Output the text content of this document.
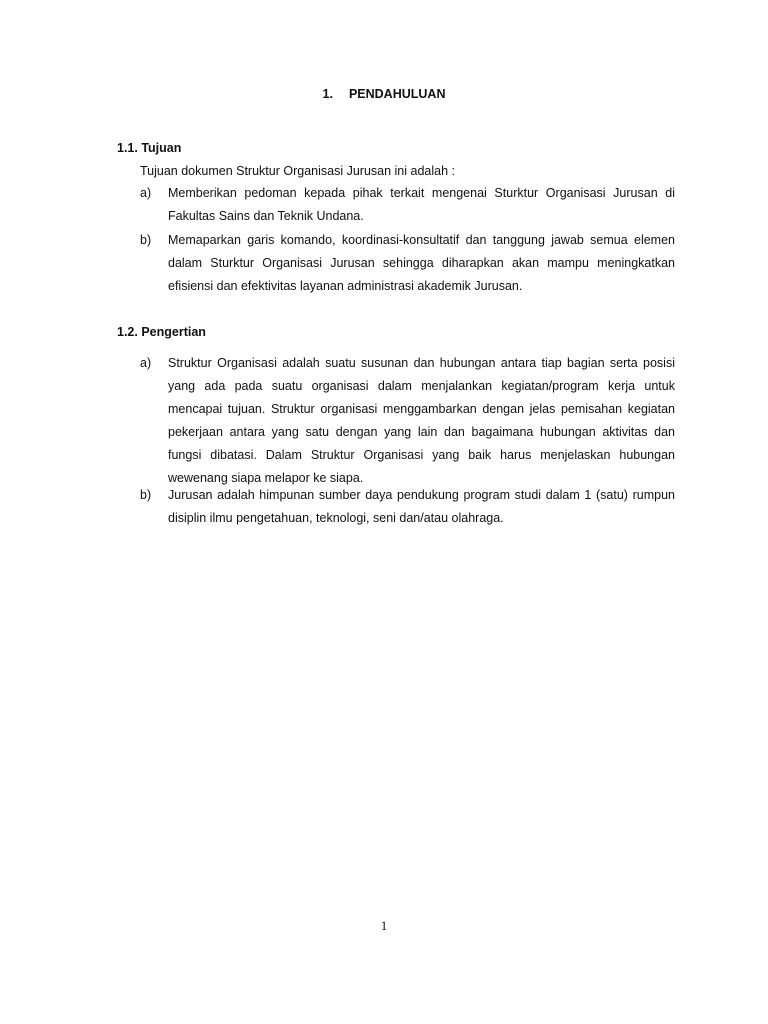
1. PENDAHULUAN
1.1. Tujuan
Tujuan dokumen Struktur Organisasi Jurusan ini adalah :
a) Memberikan pedoman kepada pihak terkait mengenai Sturktur Organisasi Jurusan di Fakultas Sains dan Teknik Undana.
b) Memaparkan garis komando, koordinasi-konsultatif dan tanggung jawab semua elemen dalam Sturktur Organisasi Jurusan sehingga diharapkan akan mampu meningkatkan efisiensi dan efektivitas layanan administrasi akademik Jurusan.
1.2. Pengertian
a) Struktur Organisasi adalah suatu susunan dan hubungan antara tiap bagian serta posisi yang ada pada suatu organisasi dalam menjalankan kegiatan/program kerja untuk mencapai tujuan. Struktur organisasi menggambarkan dengan jelas pemisahan kegiatan pekerjaan antara yang satu dengan yang lain dan bagaimana hubungan aktivitas dan fungsi dibatasi. Dalam Struktur Organisasi yang baik harus menjelaskan hubungan wewenang siapa melapor ke siapa.
b) Jurusan adalah himpunan sumber daya pendukung program studi dalam 1 (satu) rumpun disiplin ilmu pengetahuan, teknologi, seni dan/atau olahraga.
1
